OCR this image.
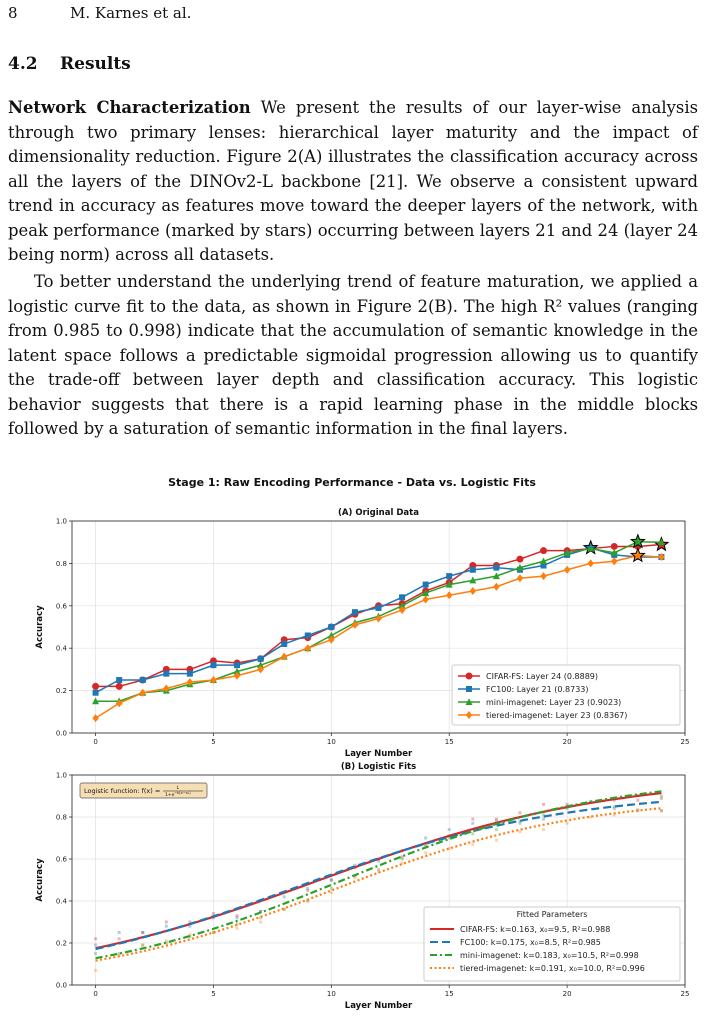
8	M. Karnes et al.
4.2 Results
Network Characterization We present the results of our layer-wise analysis through two primary lenses: hierarchical layer maturity and the impact of dimensionality reduction. Figure 2(A) illustrates the classification accuracy across all the layers of the DINOv2-L backbone [21]. We observe a consistent upward trend in accuracy as features move toward the deeper layers of the network, with peak performance (marked by stars) occurring between layers 21 and 24 (layer 24 being norm) across all datasets.
To better understand the underlying trend of feature maturation, we applied a logistic curve fit to the data, as shown in Figure 2(B). The high R² values (ranging from 0.985 to 0.998) indicate that the accumulation of semantic knowledge in the latent space follows a predictable sigmoidal progression allowing us to quantify the trade-off between layer depth and classification accuracy. This logistic behavior suggests that there is a rapid learning phase in the middle blocks followed by a saturation of semantic information in the final layers.
Stage 1: Raw Encoding Performance - Data vs. Logistic Fits
0	5	10	15	20	25
0.0
0.2
0.4
0.6
0.8
1.0
(A) Original Data
Layer Number
Accuracy
CIFAR-FS: Layer 24 (0.8889)
FC100: Layer 21 (0.8733)
mini-imagenet: Layer 23 (0.9023)
tiered-imagenet: Layer 23 (0.8367)
0	5	10	15	20	25
0.0
0.2
0.4
0.6
0.8
1.0
(B) Logistic Fits
Layer Number
Accuracy
Logistic function: f(x) =	L
1+e −k(x−x₀)
Fitted Parameters
CIFAR-FS: k=0.163, x₀=9.5, R²=0.988
FC100: k=0.175, x₀=8.5, R²=0.985
mini-imagenet: k=0.183, x₀=10.5, R²=0.998
tiered-imagenet: k=0.191, x₀=10.0, R²=0.996
